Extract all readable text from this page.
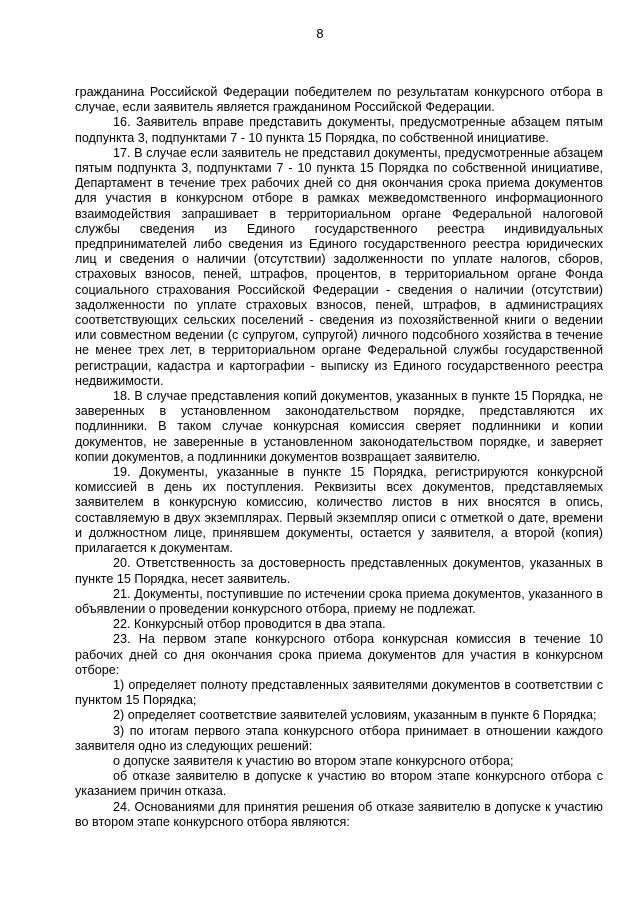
8

гражданина Российской Федерации победителем по результатам конкурсного отбора в случае, если заявитель является гражданином Российской Федерации.

16. Заявитель вправе представить документы, предусмотренные абзацем пятым подпункта 3, подпунктами 7 - 10 пункта 15 Порядка, по собственной инициативе.

17. В случае если заявитель не представил документы, предусмотренные абзацем пятым подпункта 3, подпунктами 7 - 10 пункта 15 Порядка по собственной инициативе, Департамент в течение трех рабочих дней со дня окончания срока приема документов для участия в конкурсном отборе в рамках межведомственного информационного взаимодействия запрашивает в территориальном органе Федеральной налоговой службы сведения из Единого государственного реестра индивидуальных предпринимателей либо сведения из Единого государственного реестра юридических лиц и сведения о наличии (отсутствии) задолженности по уплате налогов, сборов, страховых взносов, пеней, штрафов, процентов, в территориальном органе Фонда социального страхования Российской Федерации - сведения о наличии (отсутствии) задолженности по уплате страховых взносов, пеней, штрафов, в администрациях соответствующих сельских поселений - сведения из похозяйственной книги о ведении или совместном ведении (с супругом, супругой) личного подсобного хозяйства в течение не менее трех лет, в территориальном органе Федеральной службы государственной регистрации, кадастра и картографии - выписку из Единого государственного реестра недвижимости.

18. В случае представления копий документов, указанных в пункте 15 Порядка, не заверенных в установленном законодательством порядке, представляются их подлинники. В таком случае конкурсная комиссия сверяет подлинники и копии документов, не заверенные в установленном законодательством порядке, и заверяет копии документов, а подлинники документов возвращает заявителю.

19. Документы, указанные в пункте 15 Порядка, регистрируются конкурсной комиссией в день их поступления. Реквизиты всех документов, представляемых заявителем в конкурсную комиссию, количество листов в них вносятся в опись, составляемую в двух экземплярах. Первый экземпляр описи с отметкой о дате, времени и должностном лице, принявшем документы, остается у заявителя, а второй (копия) прилагается к документам.

20. Ответственность за достоверность представленных документов, указанных в пункте 15 Порядка, несет заявитель.

21. Документы, поступившие по истечении срока приема документов, указанного в объявлении о проведении конкурсного отбора, приему не подлежат.

22. Конкурсный отбор проводится в два этапа.

23. На первом этапе конкурсного отбора конкурсная комиссия в течение 10 рабочих дней со дня окончания срока приема документов для участия в конкурсном отборе:

1) определяет полноту представленных заявителями документов в соответствии с пунктом 15 Порядка;

2) определяет соответствие заявителей условиям, указанным в пункте 6 Порядка;

3) по итогам первого этапа конкурсного отбора принимает в отношении каждого заявителя одно из следующих решений:

о допуске заявителя к участию во втором этапе конкурсного отбора;

об отказе заявителю в допуске к участию во втором этапе конкурсного отбора с указанием причин отказа.

24. Основаниями для принятия решения об отказе заявителю в допуске к участию во втором этапе конкурсного отбора являются:
